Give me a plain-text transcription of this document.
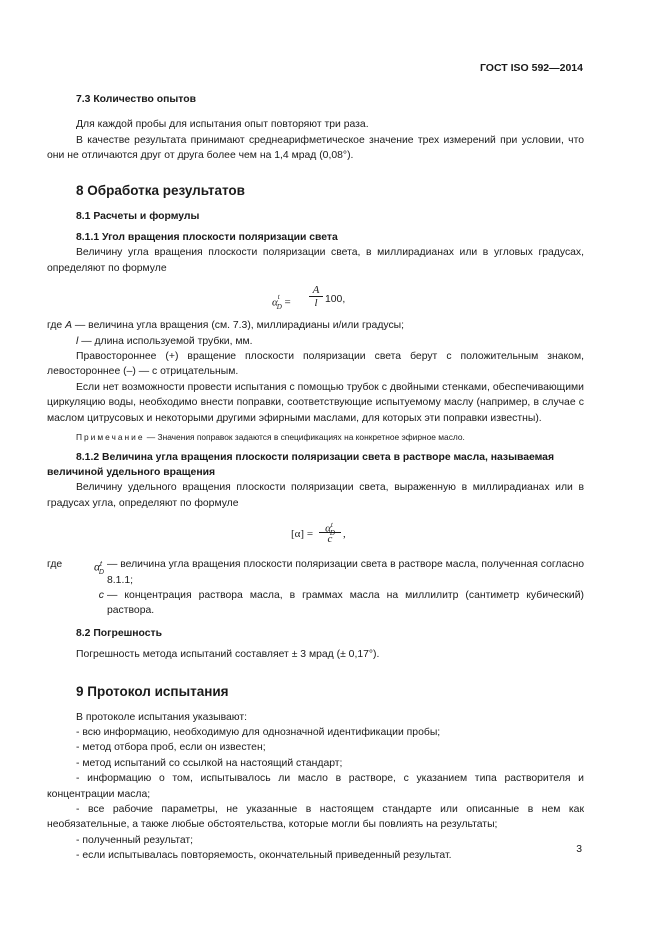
ГОСТ ISO 592—2014
7.3 Количество опытов

Для каждой пробы для испытания опыт повторяют три раза.

В качестве результата принимают среднеарифметическое значение трех измерений при условии, что они не отличаются друг от друга более чем на 1,4 мрад (0,08°).

8 Обработка результатов
8.1 Расчеты и формулы
8.1.1 Угол вращения плоскости поляризации света

Величину угла вращения плоскости поляризации света, в миллирадианах или в угловых градусах, определяют по формуле

$\alpha^t_D$ =
A
l 100,

где A — величина угла вращения (см. 7.3), миллирадианы и/или градусы;

l — длина используемой трубки, мм.

Правостороннее (+) вращение плоскости поляризации света берут с положительным знаком, левостороннее (–) — с отрицательным.

Если нет возможности провести испытания с помощью трубок с двойными стенками, обеспечивающими циркуляцию воды, необходимо внести поправки, соответствующие испытуемому маслу (например, в случае с маслом цитрусовых и некоторыми другими эфирными маслами, для которых эти поправки известны).

Примечание — Значения поправок задаются в спецификациях на конкретное эфирное масло.

8.1.2 Величина угла вращения плоскости поляризации света в растворе масла, называемая величиной удельного вращения

Величину удельного вращения плоскости поляризации света, выраженную в миллирадианах или в градусах угла, определяют по формуле

[α] =	$\alpha^t_D$
c ,
где	$\alpha^t_D$
— величина угла вращения плоскости поляризации света в растворе масла, полученная согласно 8.1.1;
c — концентрация раствора масла, в граммах масла на миллилитр (сантиметр кубический) раствора.
8.2 Погрешность

Погрешность метода испытаний составляет ± 3 мрад (± 0,17°).

9 Протокол испытания

В протоколе испытания указывают:

- всю информацию, необходимую для однозначной идентификации пробы;

- метод отбора проб, если он известен;

- метод испытаний со ссылкой на настоящий стандарт;

- информацию о том, испытывалось ли масло в растворе, с указанием типа растворителя и концентрации масла;

- все рабочие параметры, не указанные в настоящем стандарте или описанные в нем как необязательные, а также любые обстоятельства, которые могли бы повлиять на результаты;

- полученный результат;

- если испытывалась повторяемость, окончательный приведенный результат.

3
